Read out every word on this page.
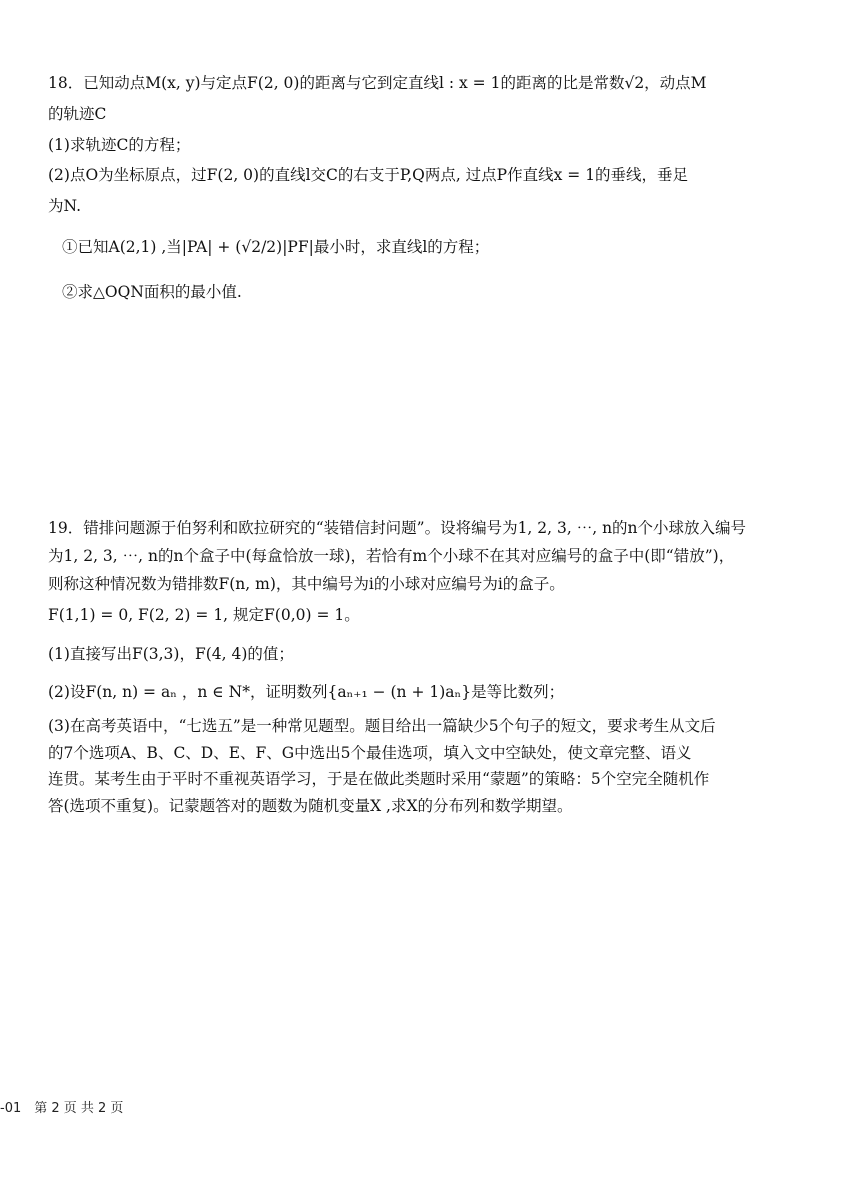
18．已知动点M(x, y)与定点F(2, 0)的距离与它到定直线l : x = 1的距离的比是常数√2，动点M
的轨迹C
(1)求轨迹C的方程；
(2)点O为坐标原点，过F(2, 0)的直线l交C的右支于P,Q两点, 过点P作直线x = 1的垂线，垂足
为N.
①已知A(2,1) ,当|PA| + (√2/2)|PF|最小时，求直线l的方程；
②求△OQN面积的最小值.
19．错排问题源于伯努利和欧拉研究的“装错信封问题”。设将编号为1, 2, 3, ⋯, n的n个小球放入编号
为1, 2, 3, ⋯, n的n个盒子中(每盒恰放一球)，若恰有m个小球不在其对应编号的盒子中(即“错放”)，
则称这种情况数为错排数F(n, m)，其中编号为i的小球对应编号为i的盒子。
F(1,1) = 0, F(2, 2) = 1, 规定F(0,0) = 1。
(1)直接写出F(3,3)，F(4, 4)的值；
(2)设F(n, n) = aₙ ，n ∈ N*，证明数列{aₙ₊₁ − (n + 1)aₙ}是等比数列；
(3)在高考英语中，“七选五”是一种常见题型。题目给出一篇缺少5个句子的短文，要求考生从文后
的7个选项A、B、C、D、E、F、G中选出5个最佳选项，填入文中空缺处，使文章完整、语义
连贯。某考生由于平时不重视英语学习，于是在做此类题时采用“蒙题”的策略：5个空完全随机作
答(选项不重复)。记蒙题答对的题数为随机变量X ,求X的分布列和数学期望。
-01　第 2 页 共 2 页
